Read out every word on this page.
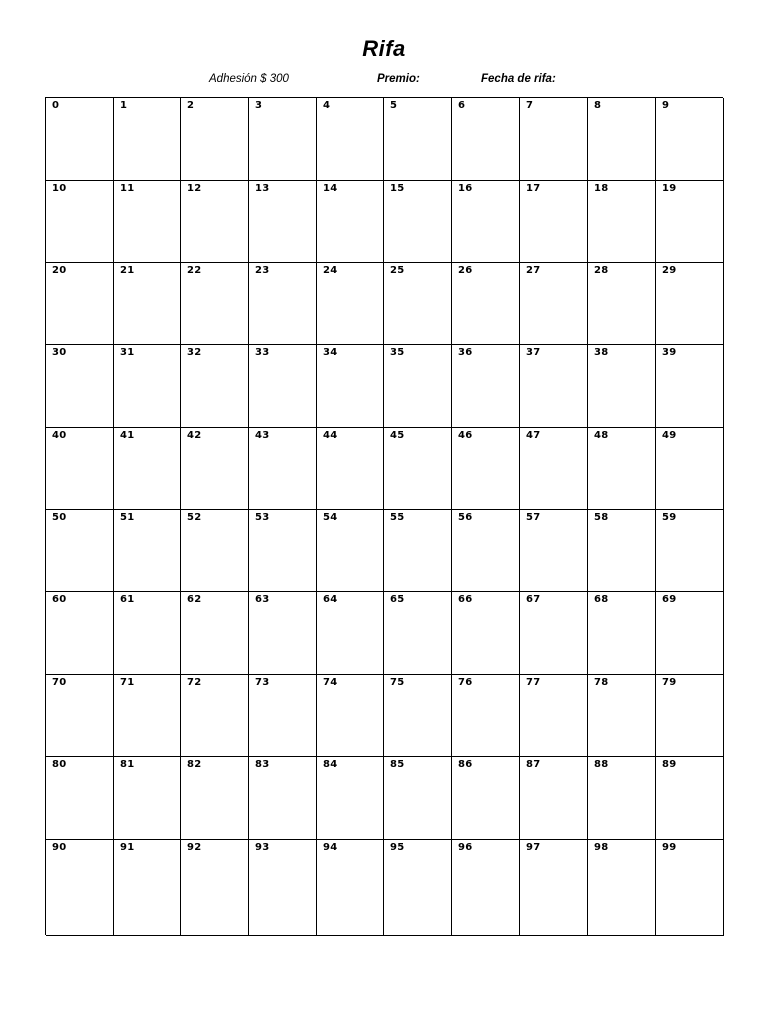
Rifa
Adhesión $ 300	Premio:	Fecha de rifa:
0	1	2	3	4	5	6	7	8	9
10	11	12	13	14	15	16	17	18	19
20	21	22	23	24	25	26	27	28	29
30	31	32	33	34	35	36	37	38	39
40	41	42	43	44	45	46	47	48	49
50	51	52	53	54	55	56	57	58	59
60	61	62	63	64	65	66	67	68	69
70	71	72	73	74	75	76	77	78	79
80	81	82	83	84	85	86	87	88	89
90	91	92	93	94	95	96	97	98	99
